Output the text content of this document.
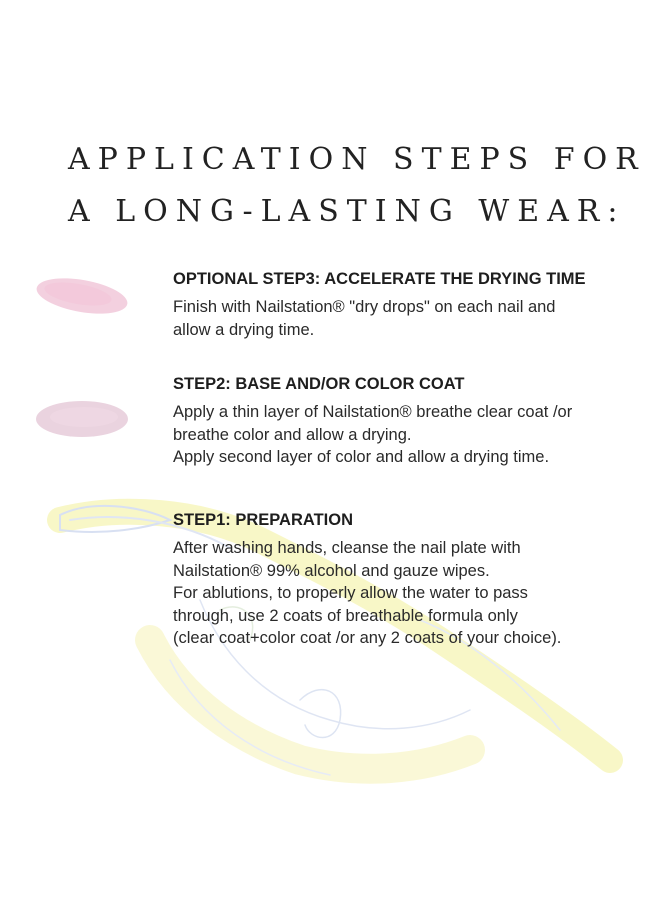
APPLICATION STEPS FOR
A LONG-LASTING WEAR:
OPTIONAL STEP3: ACCELERATE THE DRYING TIME

Finish with Nailstation® "dry drops" on each nail and
allow a drying time.

STEP2: BASE AND/OR COLOR COAT

Apply a thin layer of Nailstation® breathe clear coat /or
breathe color and allow a drying.
Apply second layer of color and allow a drying time.

STEP1: PREPARATION

After washing hands, cleanse the nail plate with
Nailstation® 99% alcohol and gauze wipes.
For ablutions, to properly allow the water to pass
through, use 2 coats of breathable formula only
(clear coat+color coat /or any 2 coats of your choice).
